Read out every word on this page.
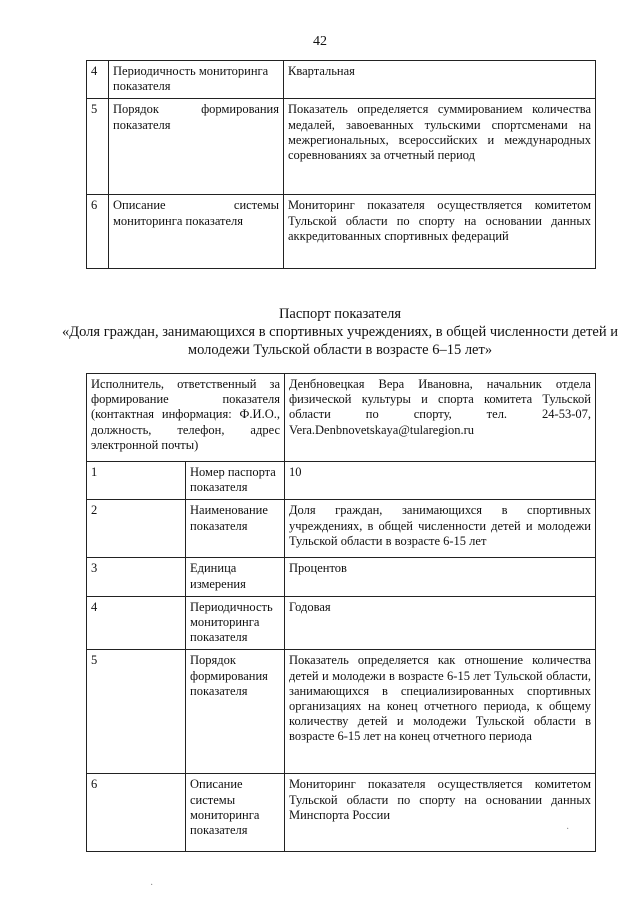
42
4	Периодичность мониторинга показателя	Квартальная
5	Порядок формирования показателя	Показатель определяется суммированием количества медалей, завоеванных тульскими спортсменами на межрегиональных, всероссийских и международных соревнованиях за отчетный период
6	Описание системы мониторинга показателя	Мониторинг показателя осуществляется комитетом Тульской области по спорту на основании данных аккредитованных спортивных федераций
Паспорт показателя
«Доля граждан, занимающихся в спортивных учреждениях, в общей численности детей и молодежи Тульской области в возрасте 6–15 лет»
Исполнитель, ответственный за формирование показателя (контактная информация: Ф.И.О., должность, телефон, адрес электронной почты)		Денбновецкая Вера Ивановна, начальник отдела физической культуры и спорта комитета Тульской области по спорту, тел. 24-53-07, Vera.Denbnovetskaya@tularegion.ru
1	Номер паспорта показателя	10
2	Наименование показателя	Доля граждан, занимающихся в спортивных учреждениях, в общей численности детей и молодежи Тульской области в возрасте 6-15 лет
3	Единица измерения	Процентов
4	Периодичность мониторинга показателя	Годовая
5	Порядок формирования показателя	Показатель определяется как отношение количества детей и молодежи в возрасте 6-15 лет Тульской области, занимающихся в специализированных спортивных организациях на конец отчетного периода, к общему количеству детей и молодежи Тульской области в возрасте 6-15 лет на конец отчетного периода
6	Описание системы мониторинга показателя	Мониторинг показателя осуществляется комитетом Тульской области по спорту на основании данных Минспорта России
·
·
